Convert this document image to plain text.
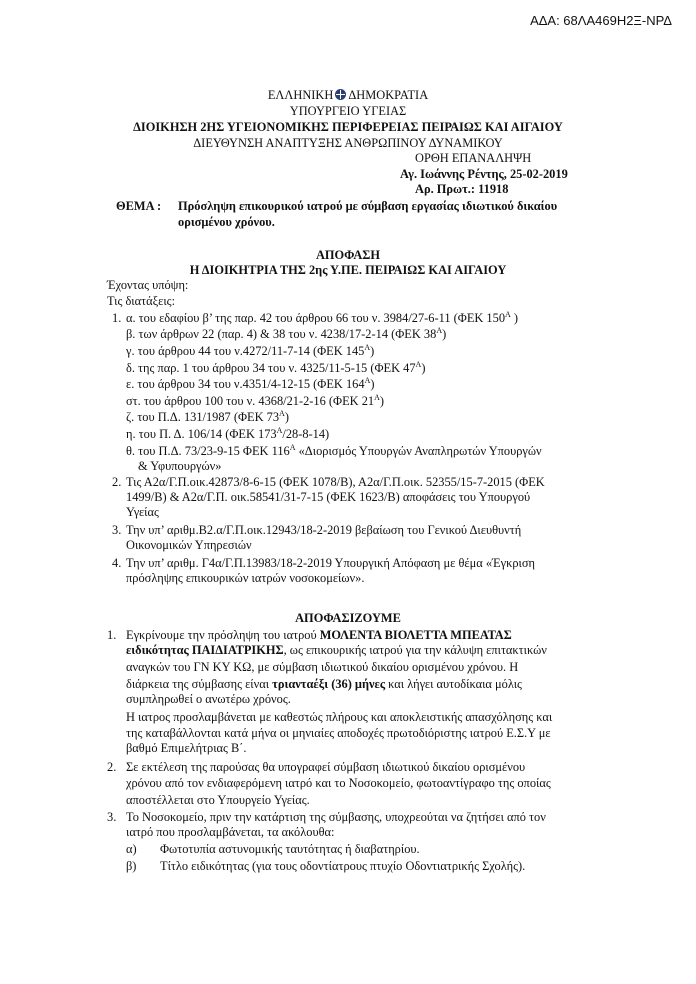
ΑΔΑ: 68ΛΑ469Η2Ξ-ΝΡΔ
ΕΛΛΗΝΙΚΗ ΔΗΜΟΚΡΑΤΙΑ
ΥΠΟΥΡΓΕΙΟ ΥΓΕΙΑΣ
ΔΙΟΙΚΗΣΗ 2ΗΣ ΥΓΕΙΟΝΟΜΙΚΗΣ ΠΕΡΙΦΕΡΕΙΑΣ ΠΕΙΡΑΙΩΣ ΚΑΙ ΑΙΓΑΙΟΥ
ΔΙΕΥΘΥΝΣΗ ΑΝΑΠΤΥΞΗΣ ΑΝΘΡΩΠΙΝΟΥ ΔΥΝΑΜΙΚΟΥ
ΟΡΘΗ ΕΠΑΝΑΛΗΨΗ
Αγ. Ιωάννης Ρέντης, 25-02-2019
Αρ. Πρωτ.: 11918
ΘΕΜΑ : Πρόσληψη επικουρικού ιατρού με σύμβαση εργασίας ιδιωτικού δικαίου
ορισμένου χρόνου.
ΑΠΟΦΑΣΗ
Η ΔΙΟΙΚΗΤΡΙΑ ΤΗΣ 2ης Υ.ΠΕ. ΠΕΙΡΑΙΩΣ ΚΑΙ ΑΙΓΑΙΟΥ
Έχοντας υπόψη:
Τις διατάξεις:
1. α. του εδαφίου β’ της παρ. 42 του άρθρου 66 του ν. 3984/27-6-11 (ΦΕΚ $150^A$ )
β. των άρθρων 22 (παρ. 4) & 38 του ν. 4238/17-2-14 (ΦΕΚ $38^A$)
γ. του άρθρου 44 του ν.4272/11-7-14 (ΦΕΚ $145^A$)
δ. της παρ. 1 του άρθρου 34 του ν. 4325/11-5-15 (ΦΕΚ $47^A$)
ε. του άρθρου 34 του ν.4351/4-12-15 (ΦΕΚ $164^A$)
στ. του άρθρου 100 του ν. 4368/21-2-16 (ΦΕΚ $21^A$)
ζ. του Π.Δ. 131/1987 (ΦΕΚ $73^A$)
η. του Π. Δ. 106/14 (ΦΕΚ $173^A/28-8-14$)
θ. του Π.Δ. 73/23-9-15 ΦΕΚ $116^A$ «Διορισμός Υπουργών Αναπληρωτών Υπουργών
& Υφυπουργών»
2. Τις Α2α/Γ.Π.οικ.42873/8-6-15 (ΦΕΚ 1078/Β), Α2α/Γ.Π.οικ. 52355/15-7-2015 (ΦΕΚ
1499/Β) & Α2α/Γ.Π. οικ.58541/31-7-15 (ΦΕΚ 1623/Β) αποφάσεις του Υπουργού
Υγείας
3. Την υπ’ αριθμ.Β2.α/Γ.Π.οικ.12943/18-2-2019 βεβαίωση του Γενικού Διευθυντή
Οικονομικών Υπηρεσιών
4. Την υπ’ αριθμ. Γ4α/Γ.Π.13983/18-2-2019 Υπουργική Απόφαση με θέμα «Έγκριση
πρόσληψης επικουρικών ιατρών νοσοκομείων».
ΑΠΟΦΑΣΙΖΟΥΜΕ
1. Εγκρίνουμε την πρόσληψη του ιατρού ΜΟΛΕΝΤΑ ΒΙΟΛΕΤΤΑ ΜΠΕΑΤΑΣ
ειδικότητας ΠΑΙΔΙΑΤΡΙΚΗΣ, ως επικουρικής ιατρού για την κάλυψη επιτακτικών
αναγκών του ΓΝ ΚΥ ΚΩ, με σύμβαση ιδιωτικού δικαίου ορισμένου χρόνου. Η
διάρκεια της σύμβασης είναι τριανταέξι (36) μήνες και λήγει αυτοδίκαια μόλις
συμπληρωθεί ο ανωτέρω χρόνος.
Η ιατρος προσλαμβάνεται με καθεστώς πλήρους και αποκλειστικής απασχόλησης και
της καταβάλλονται κατά μήνα οι μηνιαίες αποδοχές πρωτοδιόριστης ιατρού Ε.Σ.Υ με
βαθμό Επιμελήτριας Β΄.
2. Σε εκτέλεση της παρούσας θα υπογραφεί σύμβαση ιδιωτικού δικαίου ορισμένου
χρόνου από τον ενδιαφερόμενη ιατρό και το Νοσοκομείο, φωτοαντίγραφο της οποίας
αποστέλλεται στο Υπουργείο Υγείας.
3. Το Νοσοκομείο, πριν την κατάρτιση της σύμβασης, υποχρεούται να ζητήσει από τον
ιατρό που προσλαμβάνεται, τα ακόλουθα:
α) Φωτοτυπία αστυνομικής ταυτότητας ή διαβατηρίου.
β) Τίτλο ειδικότητας (για τους οδοντίατρους πτυχίο Οδοντιατρικής Σχολής).
